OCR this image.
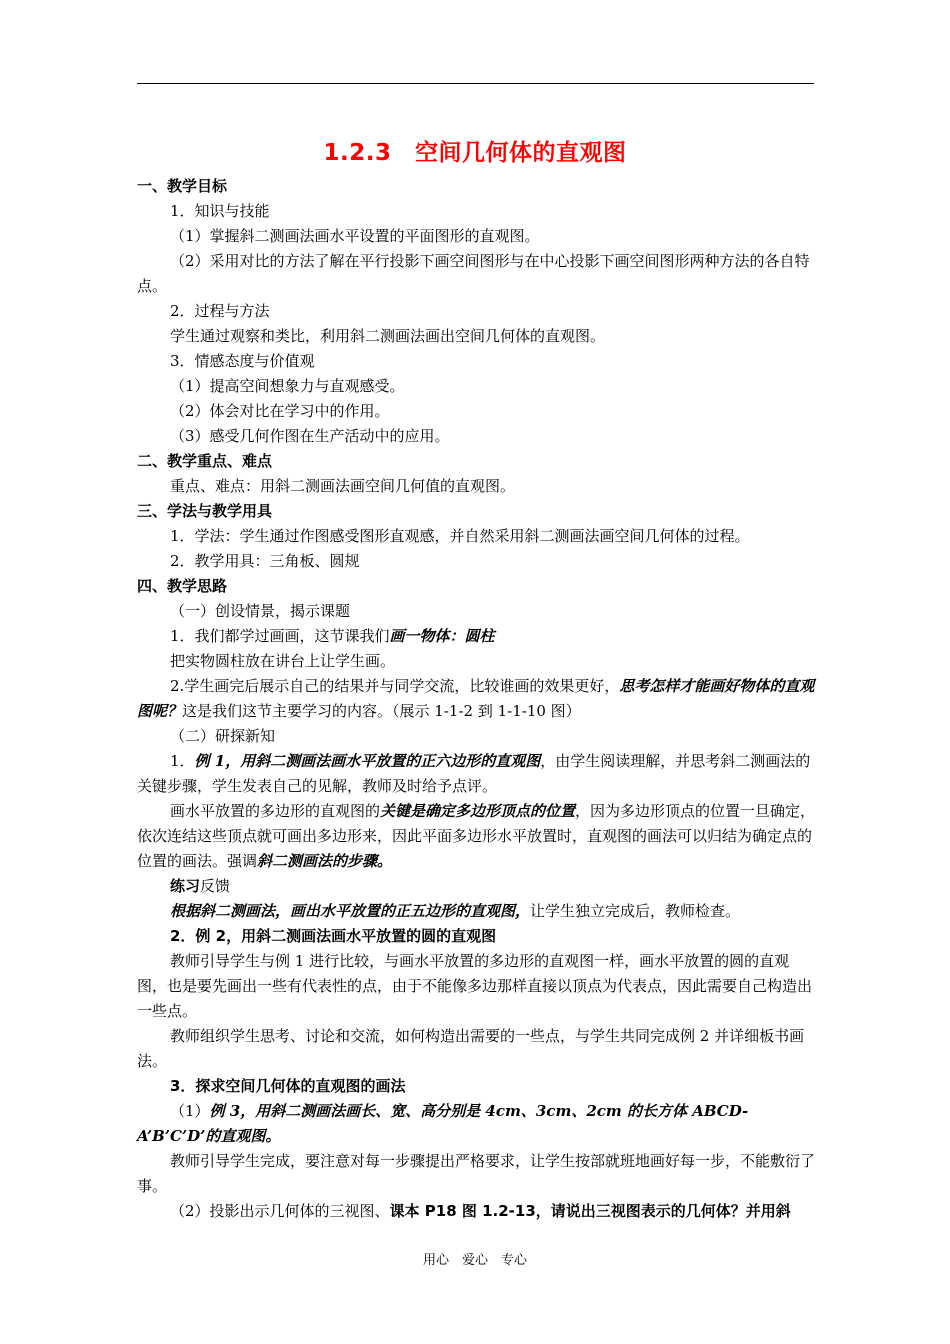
1.2.3　空间几何体的直观图

一、教学目标

1．知识与技能

（1）掌握斜二测画法画水平设置的平面图形的直观图。

（2）采用对比的方法了解在平行投影下画空间图形与在中心投影下画空间图形两种方法的各自特点。

2．过程与方法

学生通过观察和类比，利用斜二测画法画出空间几何体的直观图。

3．情感态度与价值观

（1）提高空间想象力与直观感受。

（2）体会对比在学习中的作用。

（3）感受几何作图在生产活动中的应用。

二、教学重点、难点

重点、难点：用斜二测画法画空间几何值的直观图。

三、学法与教学用具

1．学法：学生通过作图感受图形直观感，并自然采用斜二测画法画空间几何体的过程。

2．教学用具：三角板、圆规

四、教学思路

（一）创设情景，揭示课题

1．我们都学过画画，这节课我们画一物体：圆柱

把实物圆柱放在讲台上让学生画。

2.学生画完后展示自己的结果并与同学交流，比较谁画的效果更好，思考怎样才能画好物体的直观图呢？这是我们这节主要学习的内容。（展示 1-1-2 到 1-1-10 图）

（二）研探新知

1．例 1，用斜二测画法画水平放置的正六边形的直观图，由学生阅读理解，并思考斜二测画法的关键步骤，学生发表自己的见解，教师及时给予点评。

画水平放置的多边形的直观图的关键是确定多边形顶点的位置，因为多边形顶点的位置一旦确定，依次连结这些顶点就可画出多边形来，因此平面多边形水平放置时，直观图的画法可以归结为确定点的位置的画法。强调斜二测画法的步骤。

练习反馈

根据斜二测画法，画出水平放置的正五边形的直观图，让学生独立完成后，教师检查。

2．例 2，用斜二测画法画水平放置的圆的直观图

教师引导学生与例 1 进行比较，与画水平放置的多边形的直观图一样，画水平放置的圆的直观图，也是要先画出一些有代表性的点，由于不能像多边那样直接以顶点为代表点，因此需要自己构造出一些点。

教师组织学生思考、讨论和交流，如何构造出需要的一些点，与学生共同完成例 2 并详细板书画法。

3．探求空间几何体的直观图的画法

（1）例 3，用斜二测画法画长、宽、高分别是 4cm、3cm、2cm 的长方体 ABCD-A’B’C’D’的直观图。

教师引导学生完成，要注意对每一步骤提出严格要求，让学生按部就班地画好每一步，不能敷衍了事。

（2）投影出示几何体的三视图、课本 P18 图 1.2-13，请说出三视图表示的几何体？并用斜

用心　爱心　专心
